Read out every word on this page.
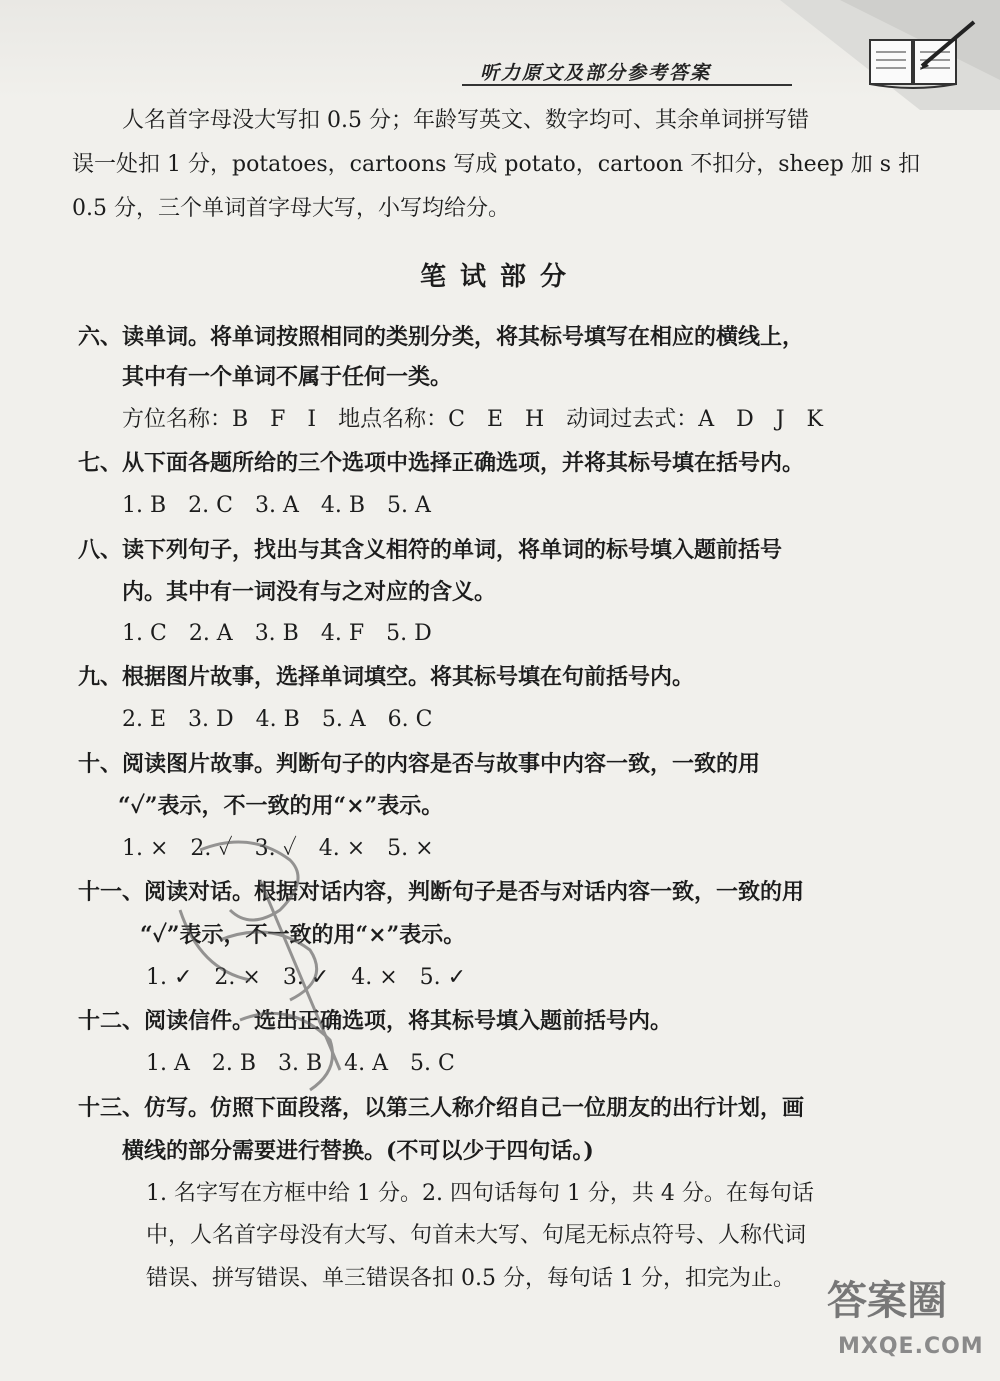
听力原文及部分参考答案
人名首字母没大写扣 0.5 分；年龄写英文、数字均可、其余单词拼写错
误一处扣 1 分，potatoes，cartoons 写成 potato，cartoon 不扣分，sheep 加 s 扣
0.5 分，三个单词首字母大写，小写均给分。
笔试部分
六、读单词。将单词按照相同的类别分类，将其标号填写在相应的横线上，
其中有一个单词不属于任何一类。
方位名称：B　F　I　地点名称：C　E　H　动词过去式：A　D　J　K
七、从下面各题所给的三个选项中选择正确选项，并将其标号填在括号内。
1. B　2. C　3. A　4. B　5. A
八、读下列句子，找出与其含义相符的单词，将单词的标号填入题前括号
内。其中有一词没有与之对应的含义。
1. C　2. A　3. B　4. F　5. D
九、根据图片故事，选择单词填空。将其标号填在句前括号内。
2. E　3. D　4. B　5. A　6. C
十、阅读图片故事。判断句子的内容是否与故事中内容一致，一致的用
“✓”表示，不一致的用“×”表示。
1. ×　2. ✓　3. ✓　4. ×　5. ×
十一、阅读对话。根据对话内容，判断句子是否与对话内容一致，一致的用
“✓”表示，不一致的用“×”表示。
1. ✓　2. ×　3. ✓　4. ×　5. ✓
十二、阅读信件。选出正确选项，将其标号填入题前括号内。
1. A　2. B　3. B　4. A　5. C
十三、仿写。仿照下面段落，以第三人称介绍自己一位朋友的出行计划，画
横线的部分需要进行替换。(不可以少于四句话。)
1. 名字写在方框中给 1 分。2. 四句话每句 1 分，共 4 分。在每句话
中，人名首字母没有大写、句首未大写、句尾无标点符号、人称代词
错误、拼写错误、单三错误各扣 0.5 分，每句话 1 分，扣完为止。 答案圈
MXQE.COM
